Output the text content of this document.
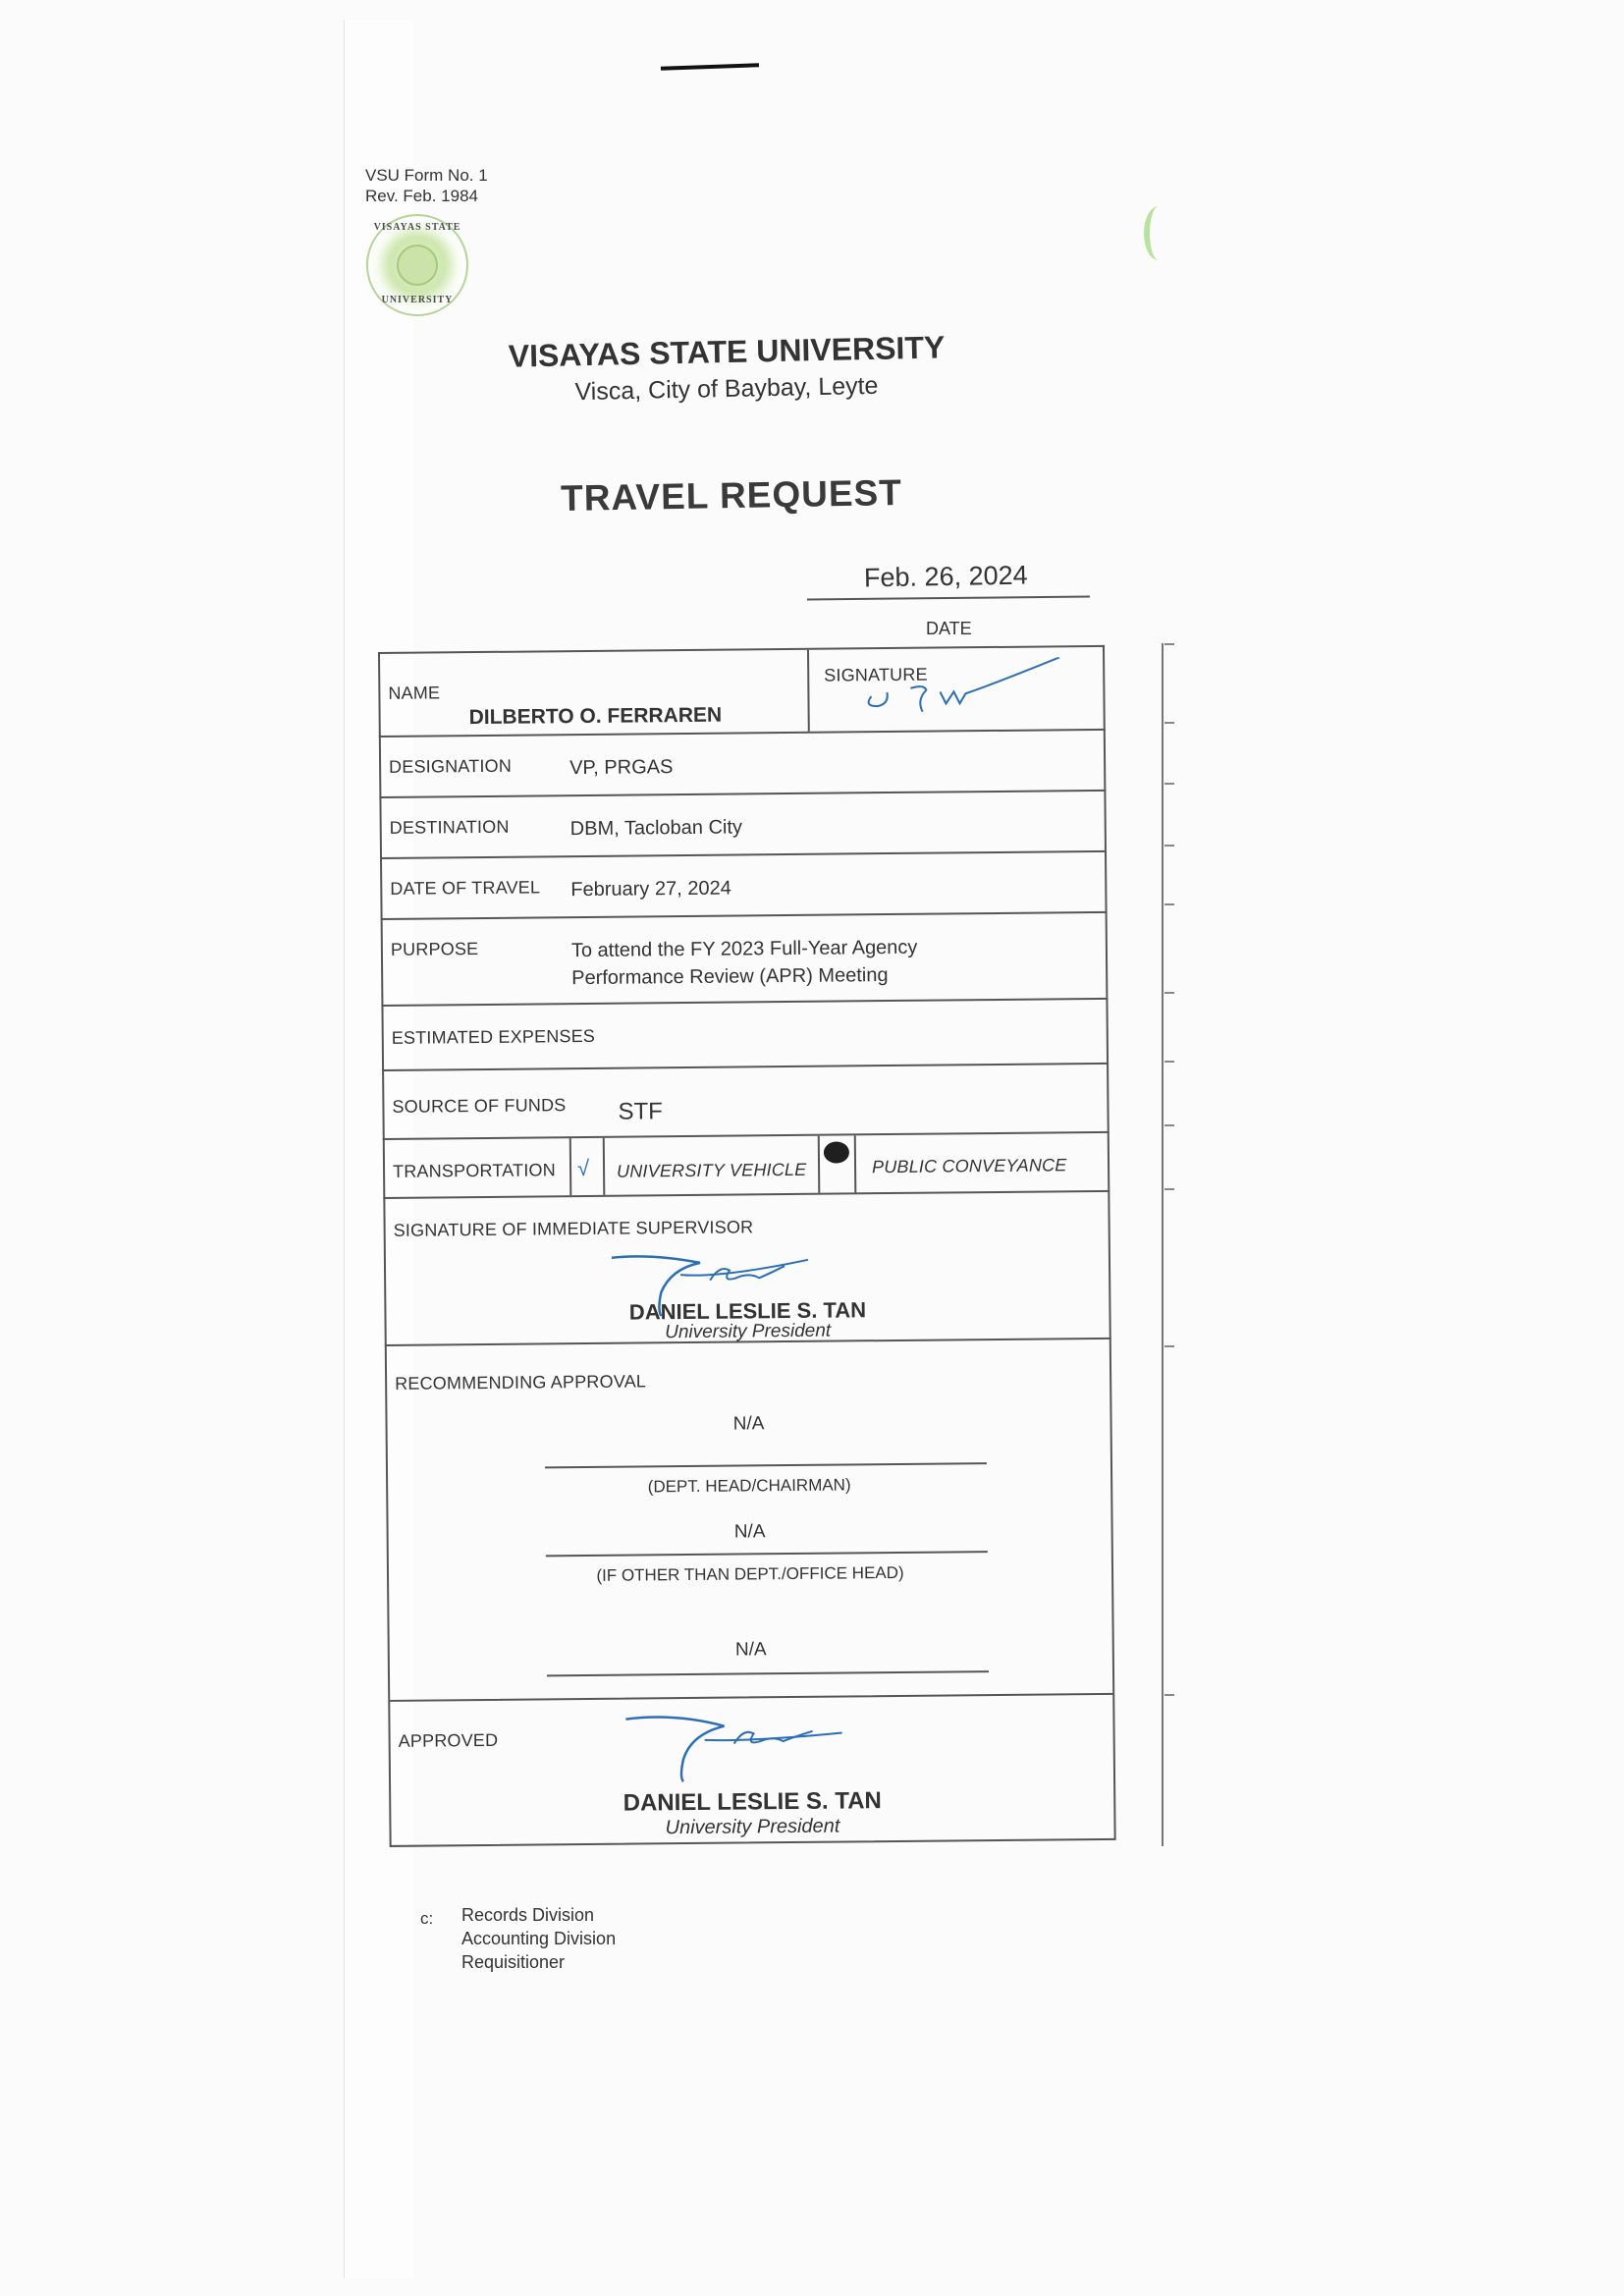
VSU Form No. 1
Rev. Feb. 1984
VISAYAS STATE
UNIVERSITY
VISAYAS STATE UNIVERSITY
Visca, City of Baybay, Leyte
TRAVEL REQUEST
Feb. 26, 2024
DATE
NAME
DILBERTO O. FERRAREN
SIGNATURE
DESIGNATION	VP, PRGAS
DESTINATION	DBM, Tacloban City
DATE OF TRAVEL February 27, 2024
PURPOSE	To attend the FY 2023 Full-Year Agency
Performance Review (APR) Meeting
ESTIMATED EXPENSES
SOURCE OF FUNDS STF
TRANSPORTATION √ UNIVERSITY VEHICLE	PUBLIC CONVEYANCE
SIGNATURE OF IMMEDIATE SUPERVISOR
DANIEL LESLIE S. TAN
University President
RECOMMENDING APPROVAL
N/A
(DEPT. HEAD/CHAIRMAN)
N/A
(IF OTHER THAN DEPT./OFFICE HEAD)
N/A
APPROVED
DANIEL LESLIE S. TAN
University President
c: Records Division
Accounting Division
Requisitioner
